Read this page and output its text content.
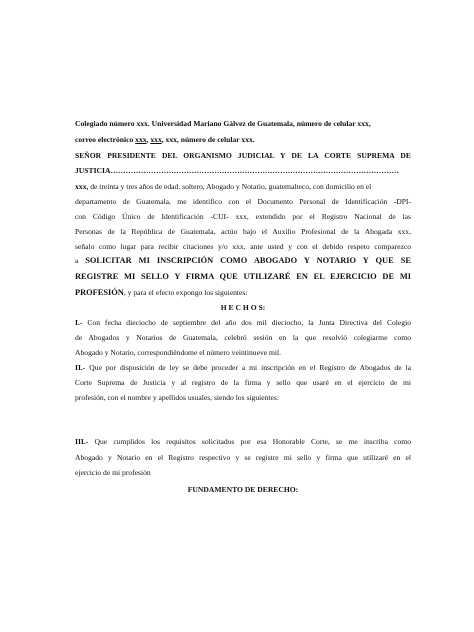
Colegiado número xxx. Universidad Mariano Gálvez de Guatemala, número de celular xxx,
correo electrónico xxx, xxx, xxx, número de celular xxx.
SEÑOR PRESIDENTE DEL ORGANISMO JUDICIAL Y DE LA CORTE SUPREMA DE
JUSTICIA……………………………………………………………………………………………………
xxx, de treinta y tres años de edad, soltero, Abogado y Notario, guatemalteco, con domicilio en el
departamento de Guatemala, me identifico con el Documento Personal de Identificación -DPI-
con Código Único de Identificación -CUI- xxx, extendido por el Registro Nacional de las
Personas de la República de Guatemala, actúo bajo el Auxilio Profesional de la Abogada xxx,
señalo como lugar para recibir citaciones y/o xxx, ante usted y con el debido respeto comparezco
a SOLICITAR MI INSCRIPCIÓN COMO ABOGADO Y NOTARIO Y QUE SE
REGISTRE MI SELLO Y FIRMA QUE UTILIZARÉ EN EL EJERCICIO DE MI
PROFESIÓN, y para el efecto expongo los siguientes:
H E C H O S:
I.- Con fecha dieciocho de septiembre del año dos mil dieciocho, la Junta Directiva del Colegio
de Abogados y Notarios de Guatemala, celebró sesión en la que resolvió colegiarme como
Abogado y Notario, correspondiéndome el número veintinueve mil.
II.- Que por disposición de ley se debe proceder a mi inscripción en el Registro de Abogados de la
Corte Suprema de Justicia y al registro de la firma y sello que usaré en el ejercicio de mi
profesión, con el nombre y apellidos usuales, siendo los siguientes:
III.- Que cumplidos los requisitos solicitados por esa Honorable Corte, se me inscriba como
Abogado y Notario en el Registro respectivo y se registre mi sello y firma que utilizaré en el
ejercicio de mi profesión
FUNDAMENTO DE DERECHO:
